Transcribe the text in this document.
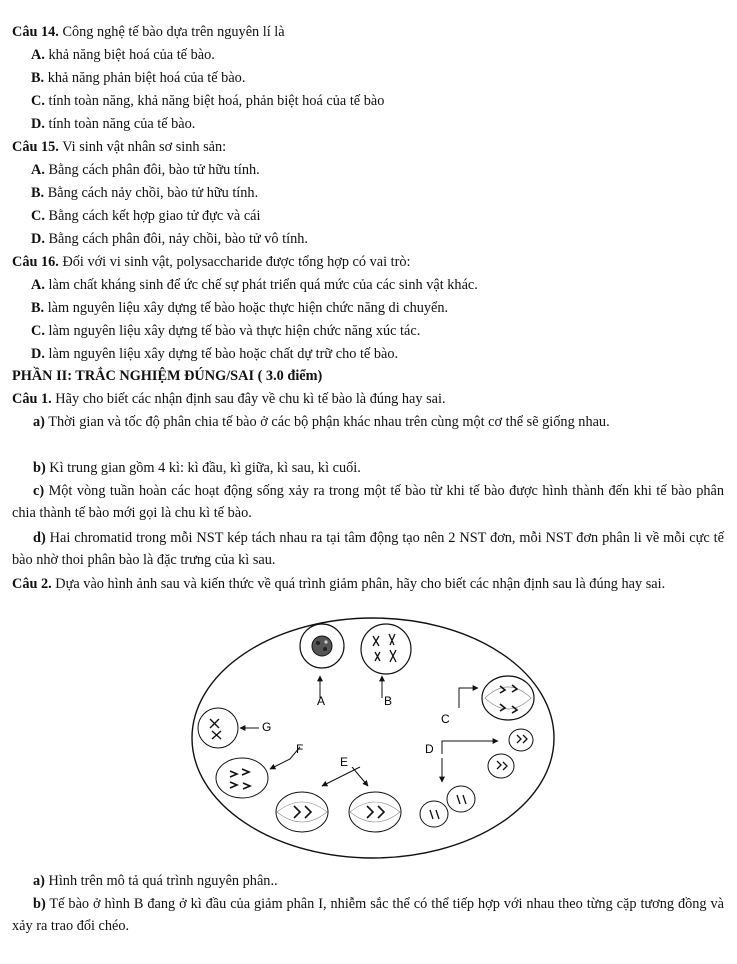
Câu 14. Công nghệ tế bào dựa trên nguyên lí là
A. khả năng biệt hoá của tế bào.
B. khả năng phản biệt hoá của tế bào.
C. tính toàn năng, khả năng biệt hoá, phản biệt hoá của tế bào
D. tính toàn năng của tế bào.
Câu 15. Vi sinh vật nhân sơ sinh sản:
A. Bằng cách phân đôi, bào tử hữu tính.
B. Bằng cách nảy chồi, bào tử hữu tính.
C. Bằng cách kết hợp giao tử đực và cái
D. Bằng cách phân đôi, nảy chồi, bào tử vô tính.
Câu 16. Đối với vi sinh vật, polysaccharide được tổng hợp có vai trò:
A. làm chất kháng sinh để ức chế sự phát triển quá mức của các sinh vật khác.
B. làm nguyên liệu xây dựng tế bào hoặc thực hiện chức năng di chuyển.
C. làm nguyên liệu xây dựng tế bào và thực hiện chức năng xúc tác.
D. làm nguyên liệu xây dựng tế bào hoặc chất dự trữ cho tế bào.
PHẦN II: TRẮC NGHIỆM ĐÚNG/SAI ( 3.0 điểm)
Câu 1. Hãy cho biết các nhận định sau đây về chu kì tế bào là đúng hay sai.
a) Thời gian và tốc độ phân chia tế bào ở các bộ phận khác nhau trên cùng một cơ thể sẽ giống nhau.
b) Kì trung gian gồm 4 kì: kì đầu, kì giữa, kì sau, kì cuối.
c) Một vòng tuần hoàn các hoạt động sống xảy ra trong một tế bào từ khi tế bào được hình thành đến khi tế bào phân chia thành tế bào mới gọi là chu kì tế bào.
d) Hai chromatid trong mỗi NST kép tách nhau ra tại tâm động tạo nên 2 NST đơn, mỗi NST đơn phân li về mỗi cực tế bào nhờ thoi phân bào là đặc trưng của kì sau.
Câu 2. Dựa vào hình ảnh sau và kiến thức về quá trình giảm phân, hãy cho biết các nhận định sau là đúng hay sai.
A	B
C
D
E
F
G
a) Hình trên mô tả quá trình nguyên phân..
b) Tế bào ở hình B đang ở kì đầu của giảm phân I, nhiễm sắc thể có thể tiếp hợp với nhau theo từng cặp tương đồng và xảy ra trao đổi chéo.
